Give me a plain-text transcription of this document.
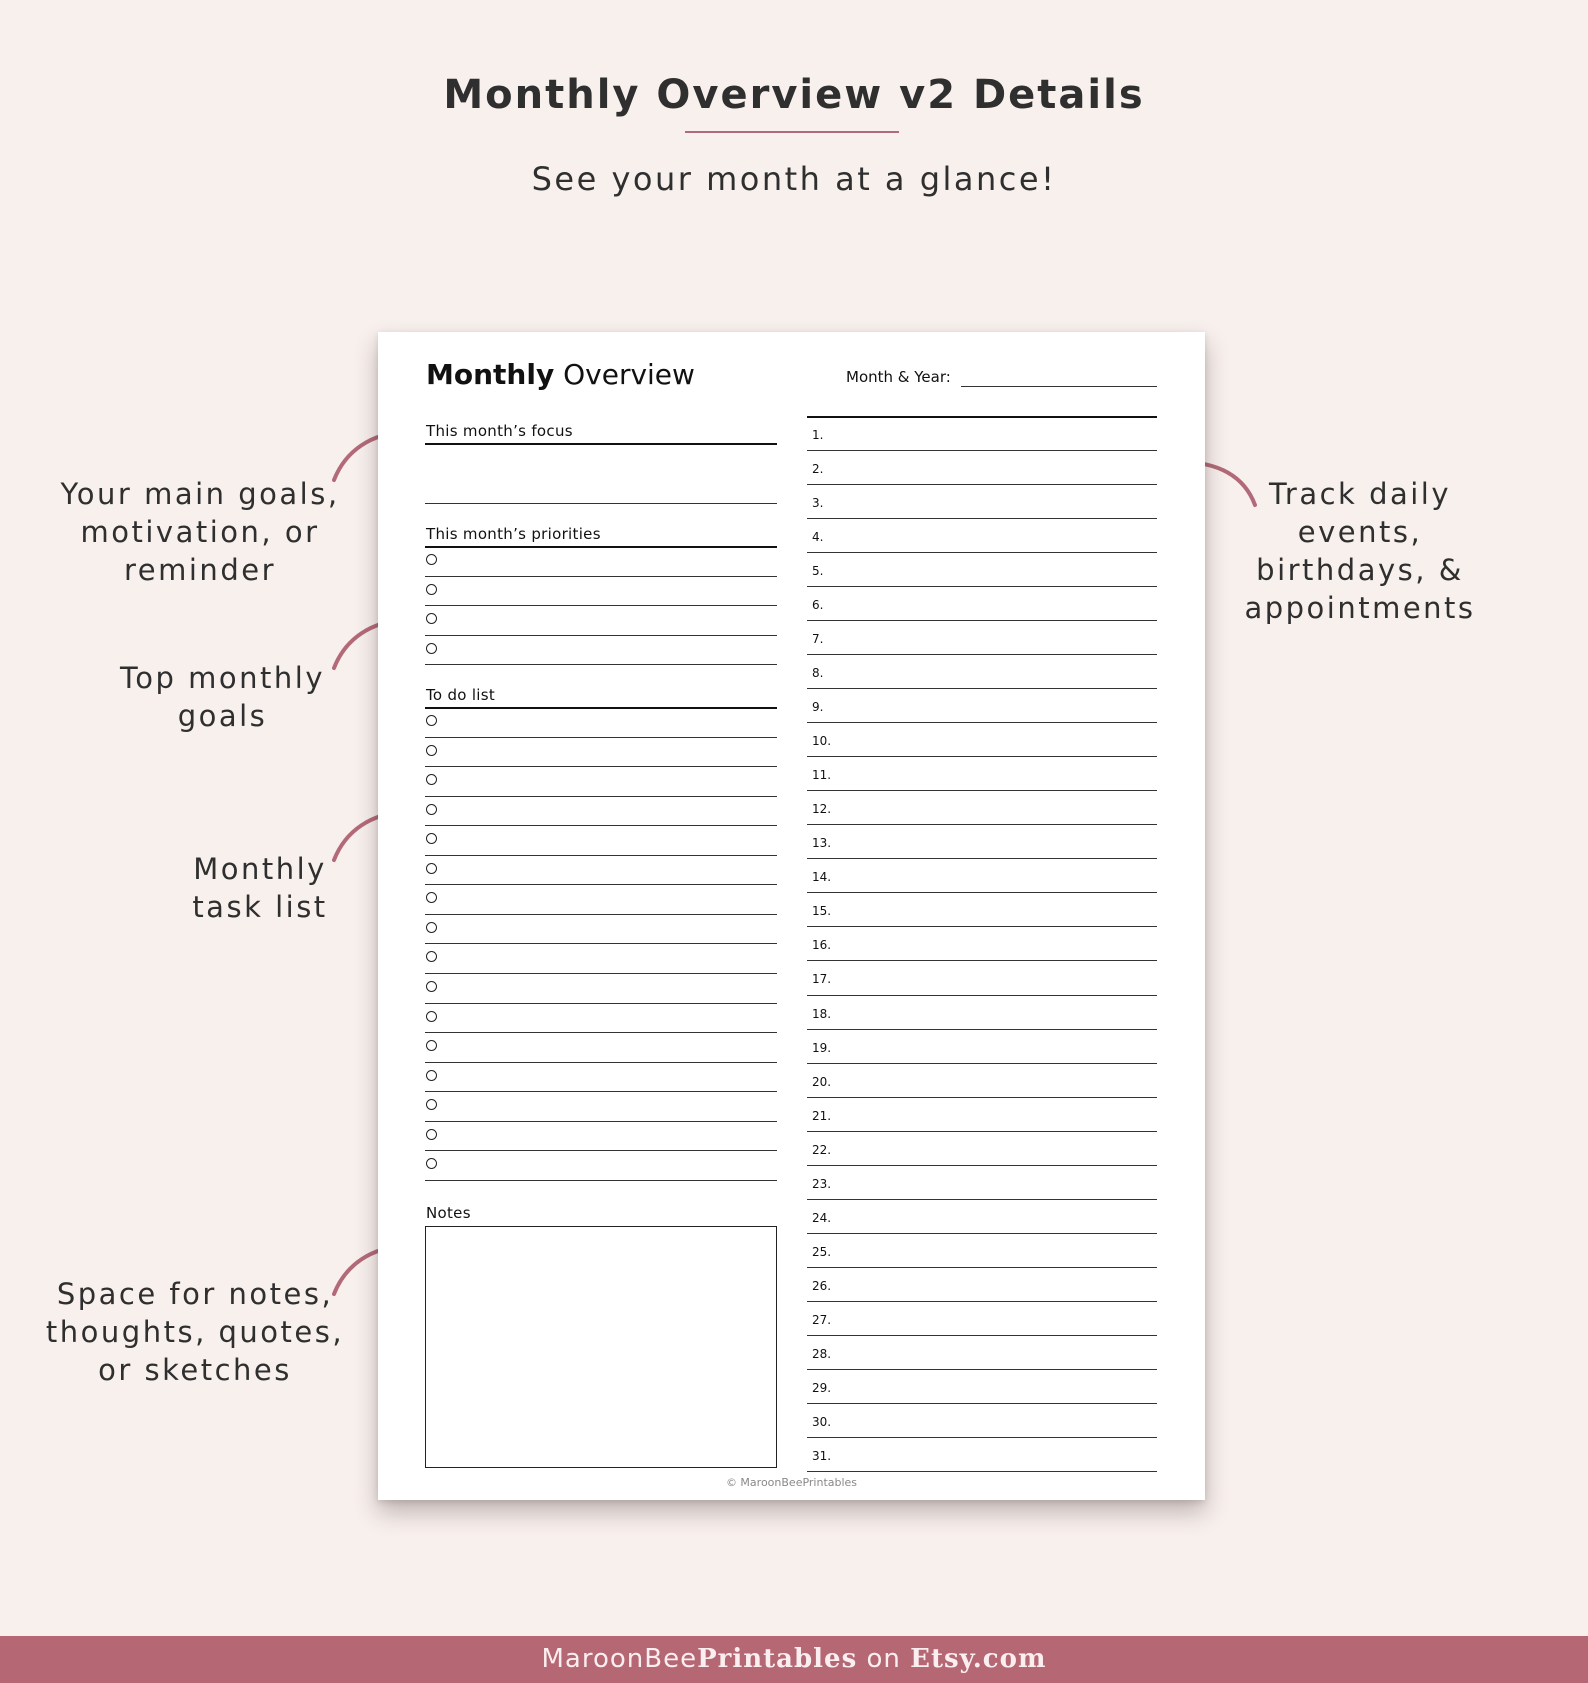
Monthly Overview v2 Details
See your month at a glance!
Your main goals,
motivation, or
reminder
Top monthly
goals
Monthly
task list
Space for notes,
thoughts, quotes,
or sketches
Track daily
events,
birthdays, &
appointments
Monthly Overview	Month & Year:
This month’s focus
This month’s priorities
To do list
Notes
© MaroonBeePrintables
1.
2.
3.
4.
5.
6.
7.
8.
9.
10.
11.
12.
13.
14.
15.
16.
17.
18.
19.
20.
21.
22.
23.
24.
25.
26.
27.
28.
29.
30.
31.
MaroonBeePrintables on Etsy.com
